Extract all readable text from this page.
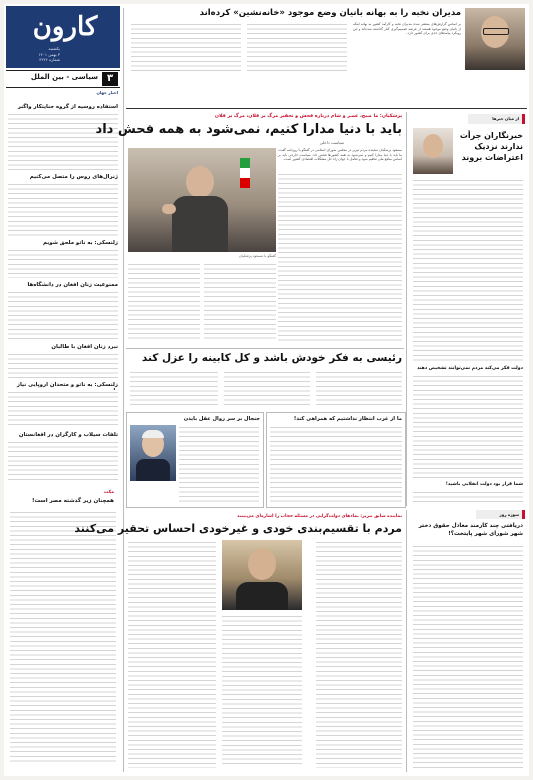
کارون
یکشنبه
۳ بهمن ۱۴۰۱
شماره ۴۲۴۶
۳
سیاسی - بین الملل
اخبار جهان
استفاده روسیه از گروه جنایتکار واگنر
ژنرال‌های روس را متصل می‌کنیم
زلنسکی: به ناتو ملحق شویم
ممنوعیت زنان افغان در دانشگاه‌ها
نبرد زنان افغان با طالبان
زلنسکی: به ناتو و متحدان اروپایی نیاز
تلفات سیلاب و کارگران در افغانستان
مکث
همچنان زیر گذشته مصر است!
مدیران نخبه را به بهانه بانیان وضع موجود «خانه‌نشین» کرده‌اند
بر اساس گزارش‌های منتشر شده مدیران نخبه و کارآمد کشور به بهانه اینکه از بانیان وضع موجود هستند از عرصه تصمیم‌گیری کنار گذاشته شده‌اند و این رویکرد پیامدهای جدی برای کشور دارد.
از میان خبرها
خبرنگاران جرأت ندارند نزدیک اعتراضات بروند
دولت فکر می‌کند مردم نمی‌توانند تشخیص دهند
شما قرار بود دولت انقلابی باشید!
پزشکیان: ما صبح، عصر و شام درباره فحش و تحقیر مرگ بر فلان، مرگ بر فلان
باید با دنیا مدارا کنیم، نمی‌شود به همه فحش داد
سیاست داخلی
مسعود پزشکیان نماینده مردم تبریز در مجلس شورای اسلامی در گفتگو با روزنامه گفت: ما باید با دنیا مدارا کنیم و نمی‌شود به همه کشورها فحش داد. سیاست خارجی باید بر اساس منافع ملی تنظیم شود و تعامل با جهان راه حل مشکلات اقتصادی کشور است.
گفتگو با مسعود پزشکیان
رئیسی به فکر خودش باشد و کل کابینه را عزل کند
ما از غرب انتظار نداشتیم که همراهی کند!
جنجال بر سر زوال عقل بایدن
سوژه روز
دریافتی چند کارمند معادل حقوق دختر شهر شورای شهر پایتخت؟!
نماینده سابق تبریز: نمادهای دولت‌گرایی در مسئله حجاب را اشاره‌ای می‌بینند
مردم با تقسیم‌بندی خودی و غیرخودی احساس تحقیر می‌کنند
